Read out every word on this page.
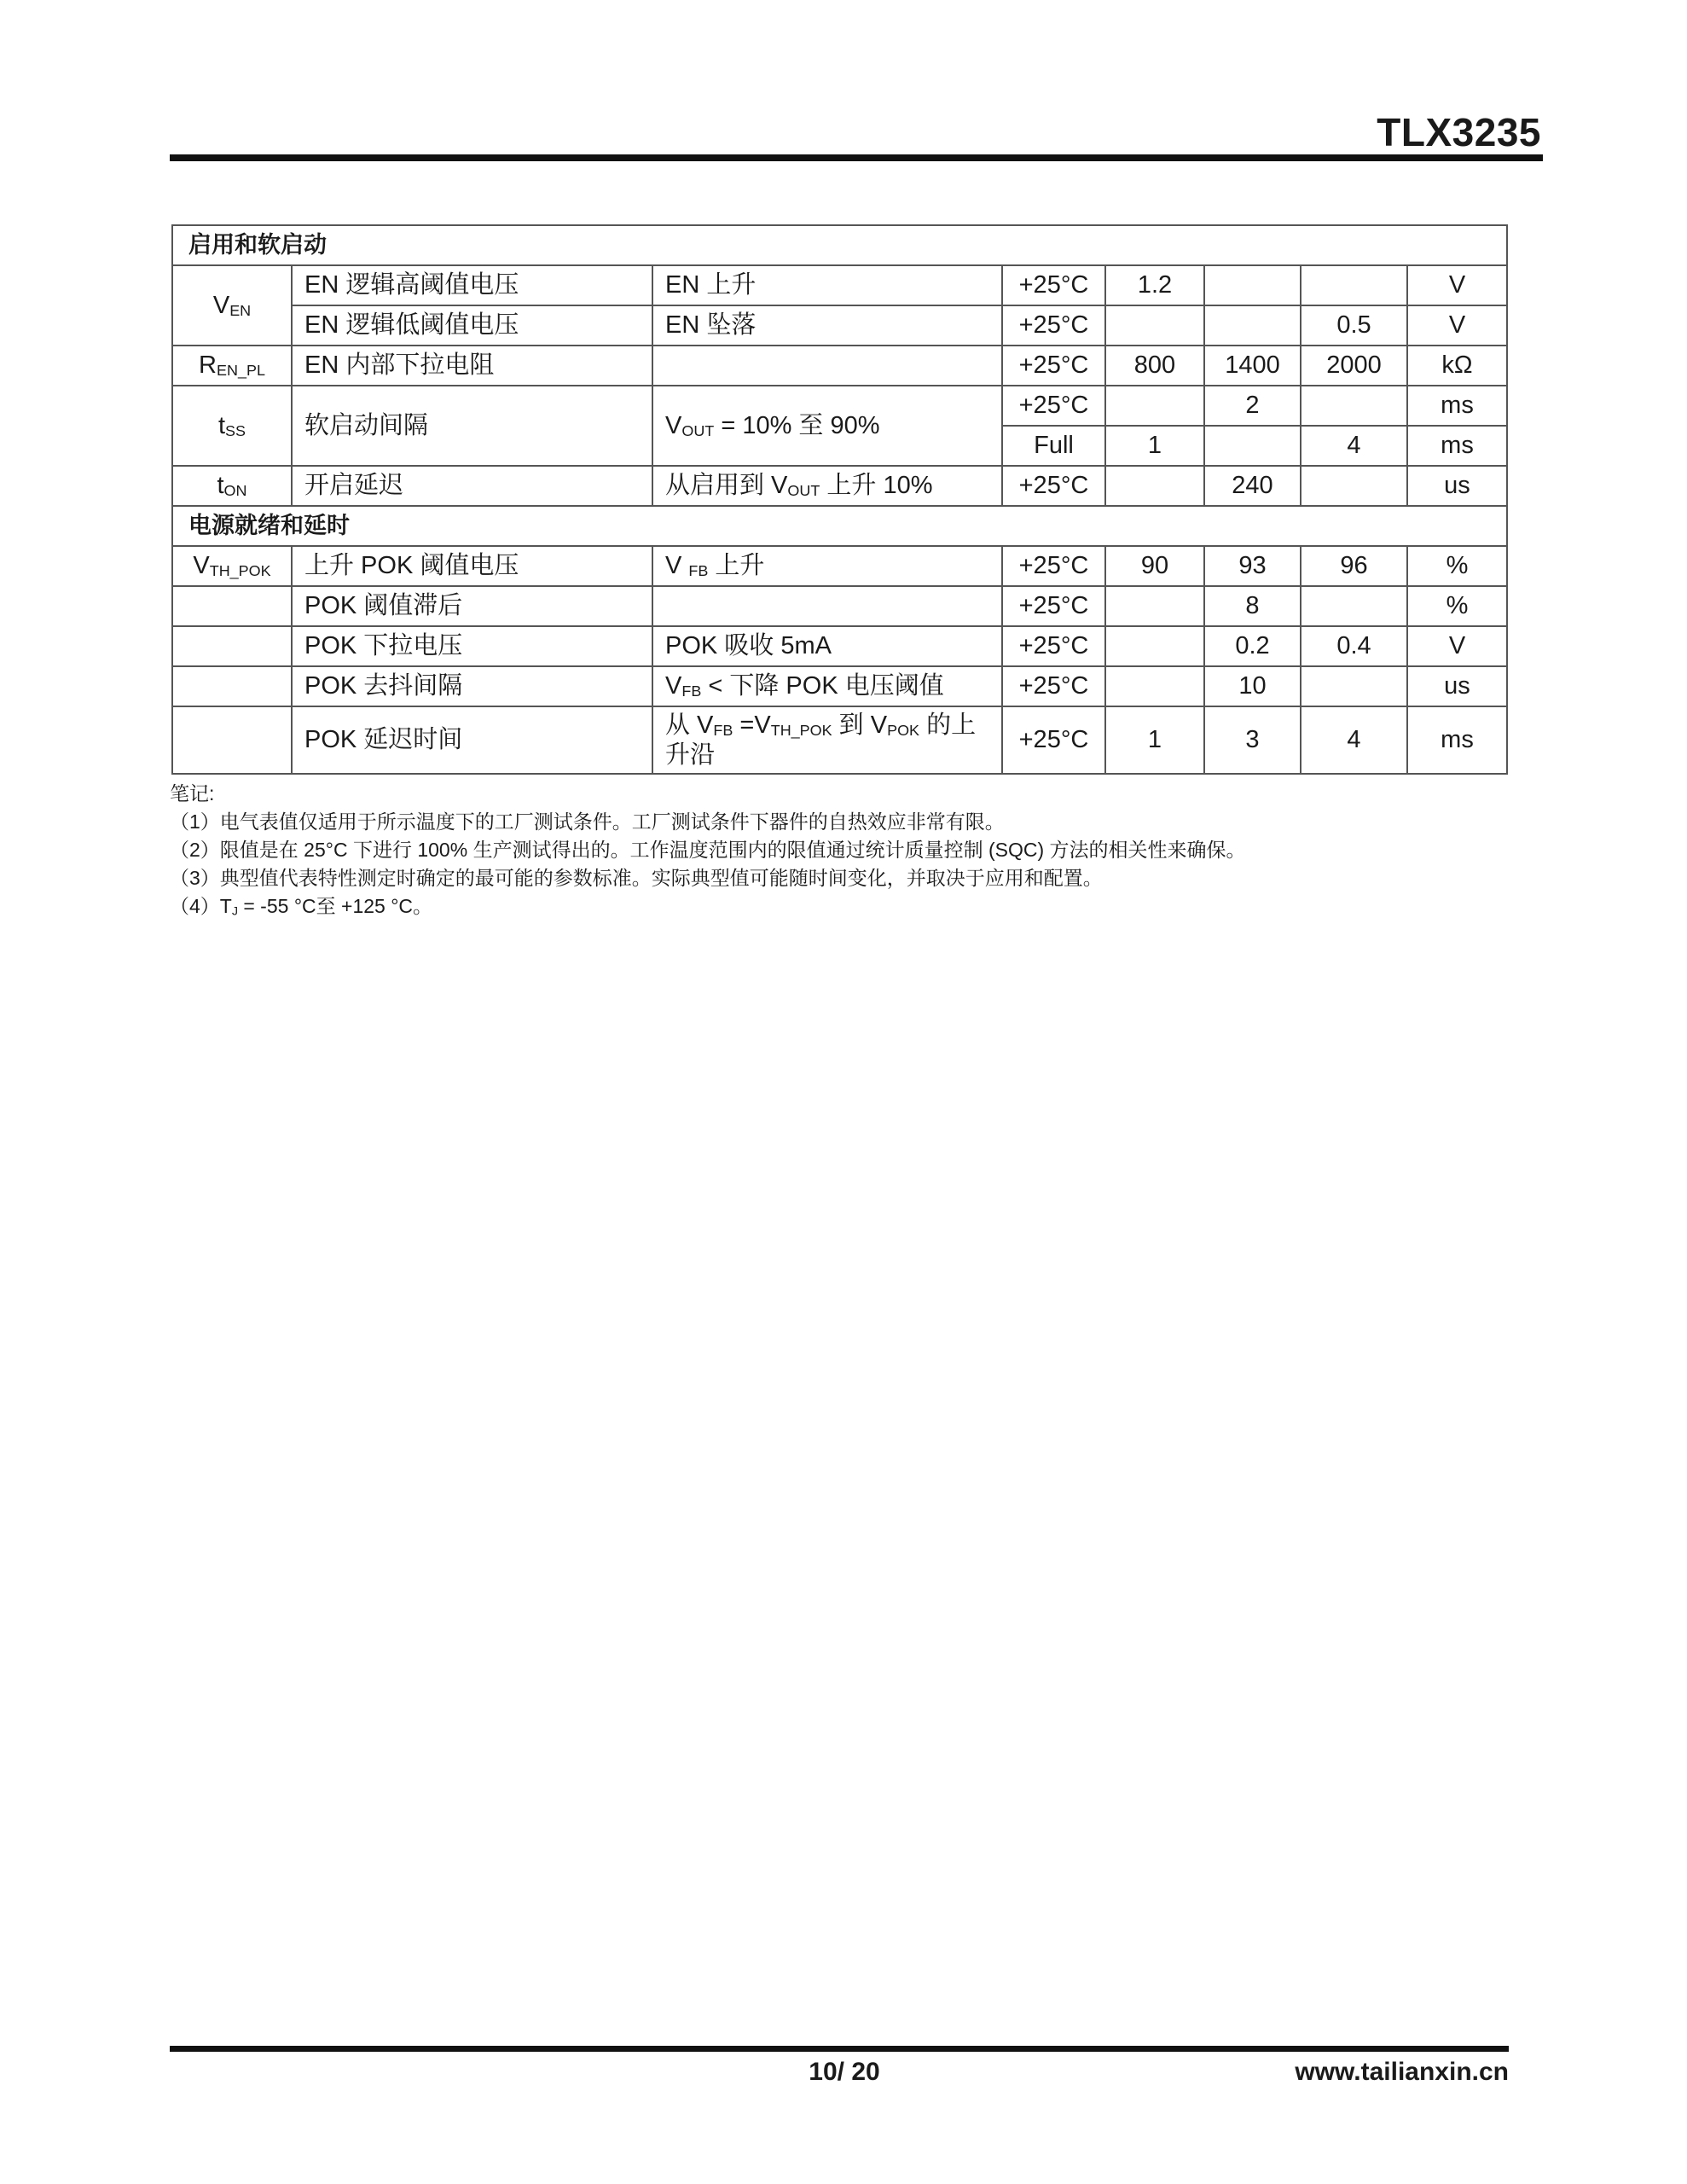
TLX3235
启用和软启动							
$V_{EN}$	EN 逻辑高阈值电压	EN 上升	+25°C	1.2			V
	EN 逻辑低阈值电压	EN 坠落	+25°C			0.5	V
$R_{EN\_PL}$	EN 内部下拉电阻		+25°C	800	1400	2000	kΩ
$t_{SS}$	软启动间隔	$V_{OUT} = 10\%$ 至 90%	+25°C		2		ms
			Full	1		4	ms
$t_{ON}$	开启延迟	从启用到 $V_{OUT}$ 上升 10%	+25°C		240		us
电源就绪和延时							
$V_{TH\_POK}$	上升 POK 阈值电压	V $_{FB}$ 上升	+25°C	90	93	96	%
	POK 阈值滞后		+25°C		8		%
	POK 下拉电压	POK 吸收 5mA	+25°C		0.2	0.4	V
	POK 去抖间隔	$V_{FB}$ < 下降 POK 电压阈值	+25°C		10		us
	POK 延迟时间	从 $V_{FB} =V_{TH\_POK}$ 到 $V_{POK}$ 的上
升沿	+25°C	1	3	4	ms
笔记:
（1）电气表值仅适用于所示温度下的工厂测试条件。工厂测试条件下器件的自热效应非常有限。
（2）限值是在 25°C 下进行 100% 生产测试得出的。工作温度范围内的限值通过统计质量控制 (SQC) 方法的相关性来确保。
（3）典型值代表特性测定时确定的最可能的参数标准。实际典型值可能随时间变化，并取决于应用和配置。
$(4)T_J = -55$ °C至 +125 °C。
10/ 20	www.tailianxin.cn
